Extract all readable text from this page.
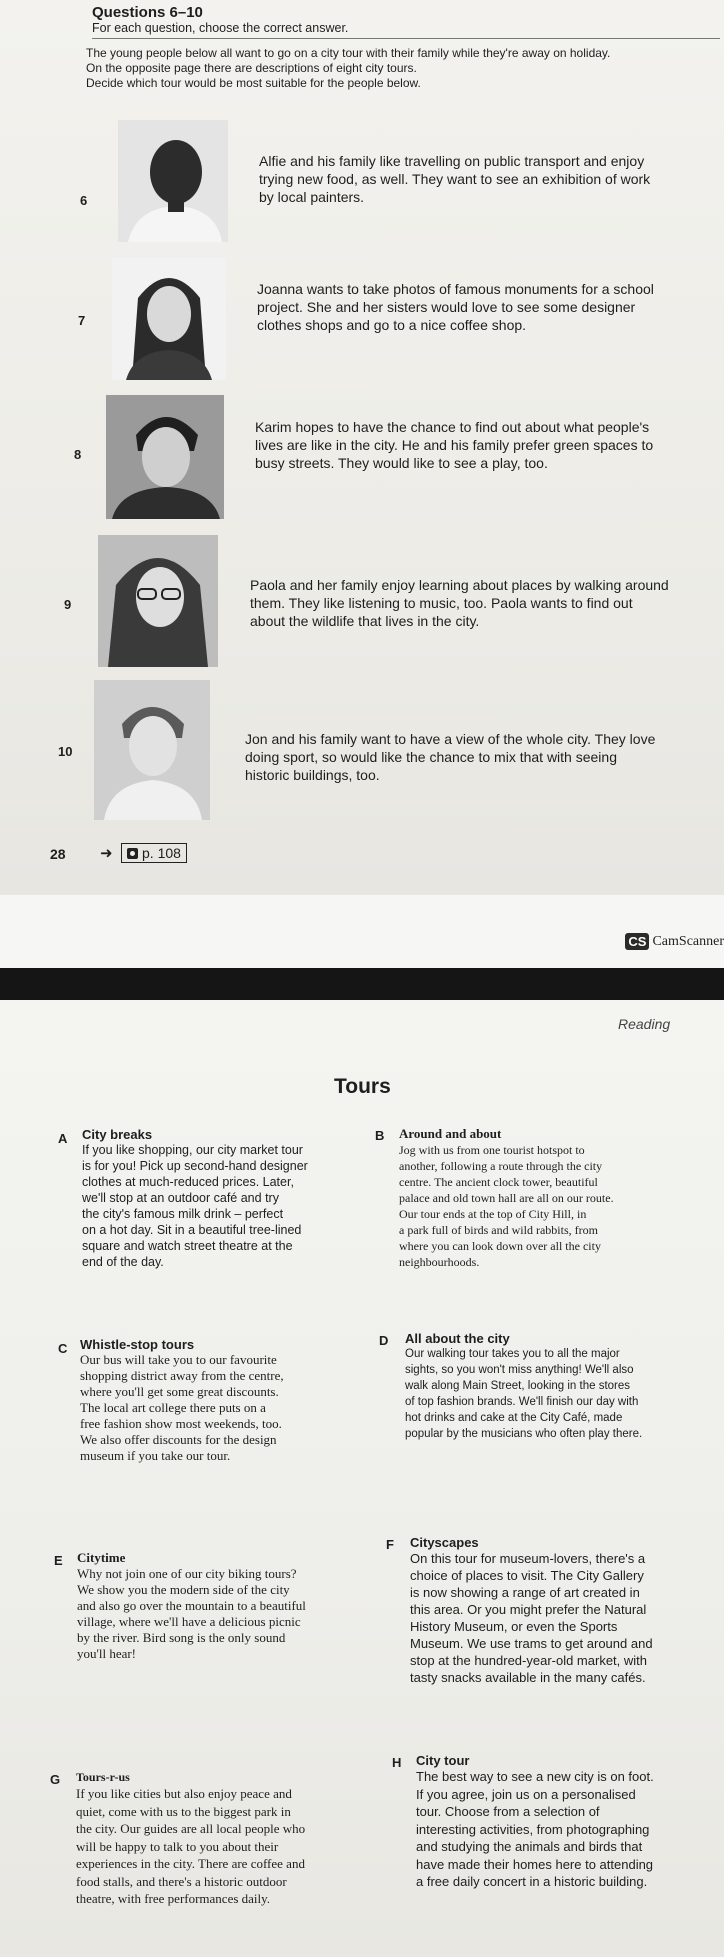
Questions 6–10
For each question, choose the correct answer.
The young people below all want to go on a city tour with their family while they're away on holiday.
On the opposite page there are descriptions of eight city tours.
Decide which tour would be most suitable for the people below.
6
Alfie and his family like travelling on public transport and enjoy
trying new food, as well. They want to see an exhibition of work
by local painters.
7
Joanna wants to take photos of famous monuments for a school
project. She and her sisters would love to see some designer
clothes shops and go to a nice coffee shop.
8
Karim hopes to have the chance to find out about what people's
lives are like in the city. He and his family prefer green spaces to
busy streets. They would like to see a play, too.
9
Paola and her family enjoy learning about places by walking around
them. They like listening to music, too. Paola wants to find out
about the wildlife that lives in the city.
10
Jon and his family want to have a view of the whole city. They love
doing sport, so would like the chance to mix that with seeing
historic buildings, too.
28 ➜ p. 108
CS CamScanner
Reading
Tours
A City breaks
If you like shopping, our city market tour
is for you! Pick up second-hand designer
clothes at much-reduced prices. Later,
we'll stop at an outdoor café and try
the city's famous milk drink – perfect
on a hot day. Sit in a beautiful tree-lined
square and watch street theatre at the
end of the day.
B Around and about
Jog with us from one tourist hotspot to
another, following a route through the city
centre. The ancient clock tower, beautiful
palace and old town hall are all on our route.
Our tour ends at the top of City Hill, in
a park full of birds and wild rabbits, from
where you can look down over all the city
neighbourhoods.
C Whistle-stop tours
Our bus will take you to our favourite
shopping district away from the centre,
where you'll get some great discounts.
The local art college there puts on a
free fashion show most weekends, too.
We also offer discounts for the design
museum if you take our tour.
D All about the city
Our walking tour takes you to all the major
sights, so you won't miss anything! We'll also
walk along Main Street, looking in the stores
of top fashion brands. We'll finish our day with
hot drinks and cake at the City Café, made
popular by the musicians who often play there.
E Citytime
Why not join one of our city biking tours?
We show you the modern side of the city
and also go over the mountain to a beautiful
village, where we'll have a delicious picnic
by the river. Bird song is the only sound
you'll hear!
F Cityscapes
On this tour for museum-lovers, there's a
choice of places to visit. The City Gallery
is now showing a range of art created in
this area. Or you might prefer the Natural
History Museum, or even the Sports
Museum. We use trams to get around and
stop at the hundred-year-old market, with
tasty snacks available in the many cafés.
G Tours-r-us
If you like cities but also enjoy peace and
quiet, come with us to the biggest park in
the city. Our guides are all local people who
will be happy to talk to you about their
experiences in the city. There are coffee and
food stalls, and there's a historic outdoor
theatre, with free performances daily.
H City tour
The best way to see a new city is on foot.
If you agree, join us on a personalised
tour. Choose from a selection of
interesting activities, from photographing
and studying the animals and birds that
have made their homes here to attending
a free daily concert in a historic building.
